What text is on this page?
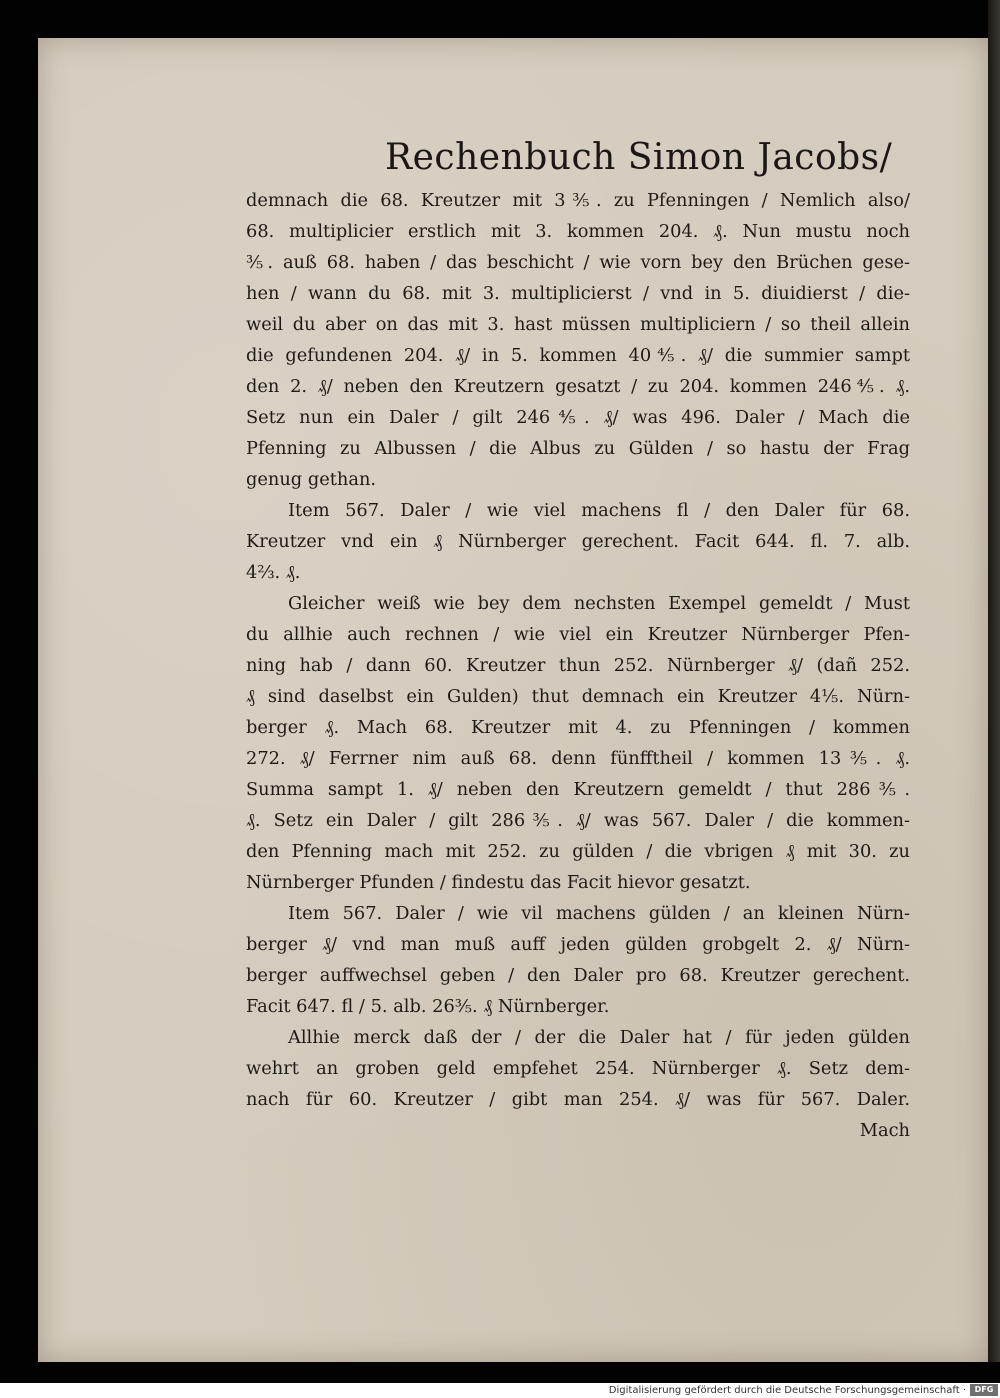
Rechenbuch Simon Jacobs/
demnach die 68. Kreutzer mit 3⅗. zu Pfenningen / Nemlich also/
68. multiplicier erstlich mit 3. kommen 204. ₰. Nun mustu noch
⅗. auß 68. haben / das beschicht / wie vorn bey den Brüchen gese-
hen / wann du 68. mit 3. multiplicierst / vnd in 5. diuidierst / die-
weil du aber on das mit 3. hast müssen multipliciern / so theil allein
die gefundenen 204. ₰/ in 5. kommen 40⅘. ₰/ die summier sampt
den 2. ₰/ neben den Kreutzern gesatzt / zu 204. kommen 246⅘. ₰.
Setz nun ein Daler / gilt 246⅘. ₰/ was 496. Daler / Mach die
Pfenning zu Albussen / die Albus zu Gülden / so hastu der Frag
genug gethan.
Item 567. Daler / wie viel machens fl / den Daler für 68.
Kreutzer vnd ein ₰ Nürnberger gerechent. Facit 644. fl. 7. alb.
4⅔. ₰.
Gleicher weiß wie bey dem nechsten Exempel gemeldt / Must
du allhie auch rechnen / wie viel ein Kreutzer Nürnberger Pfen-
ning hab / dann 60. Kreutzer thun 252. Nürnberger ₰/ (dañ 252.
₰ sind daselbst ein Gulden) thut demnach ein Kreutzer 4⅕. Nürn-
berger ₰. Mach 68. Kreutzer mit 4. zu Pfenningen / kommen
272. ₰/ Ferrner nim auß 68. denn fünfftheil / kommen 13⅗. ₰.
Summa sampt 1. ₰/ neben den Kreutzern gemeldt / thut 286⅗.
₰. Setz ein Daler / gilt 286⅗. ₰/ was 567. Daler / die kommen-
den Pfenning mach mit 252. zu gülden / die vbrigen ₰ mit 30. zu
Nürnberger Pfunden / findestu das Facit hievor gesatzt.
Item 567. Daler / wie vil machens gülden / an kleinen Nürn-
berger ₰/ vnd man muß auff jeden gülden grobgelt 2. ₰/ Nürn-
berger auffwechsel geben / den Daler pro 68. Kreutzer gerechent.
Facit 647. fl / 5. alb. 26⅗. ₰ Nürnberger.
Allhie merck daß der / der die Daler hat / für jeden gülden
wehrt an groben geld empfehet 254. Nürnberger ₰. Setz dem-
nach für 60. Kreutzer / gibt man 254. ₰/ was für 567. Daler.
Mach
Digitalisierung gefördert durch die Deutsche Forschungsgemeinschaft ·	DFG
